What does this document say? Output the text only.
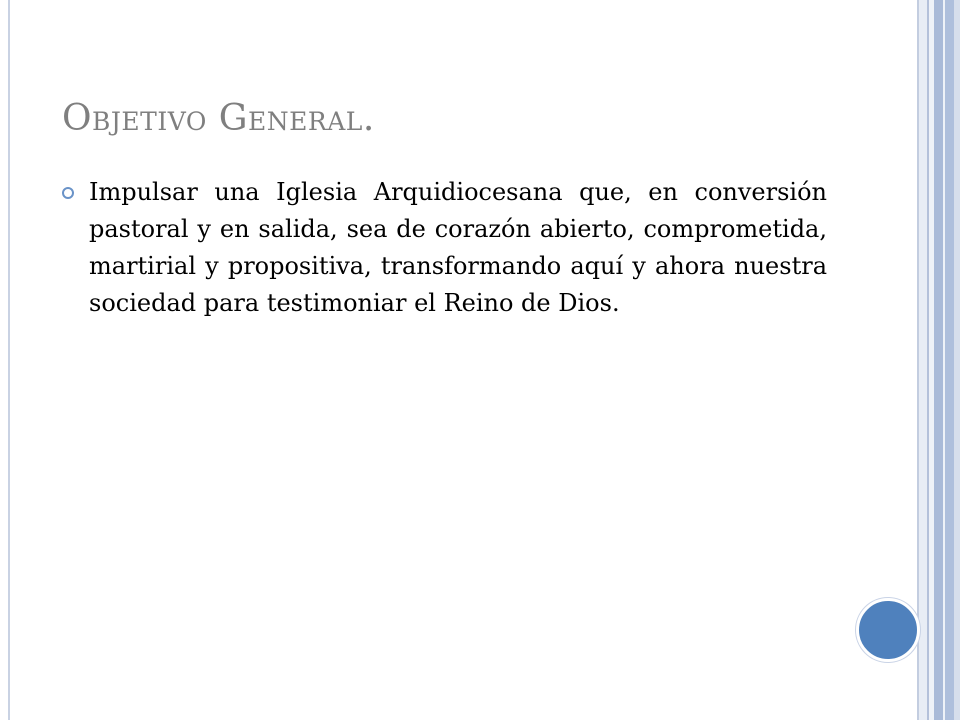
Objetivo General.

Impulsar una Iglesia Arquidiocesana que, en conversión pastoral y en salida, sea de corazón abierto, comprometida, martirial y propositiva, transformando aquí y ahora nuestra sociedad para testimoniar el Reino de Dios.
